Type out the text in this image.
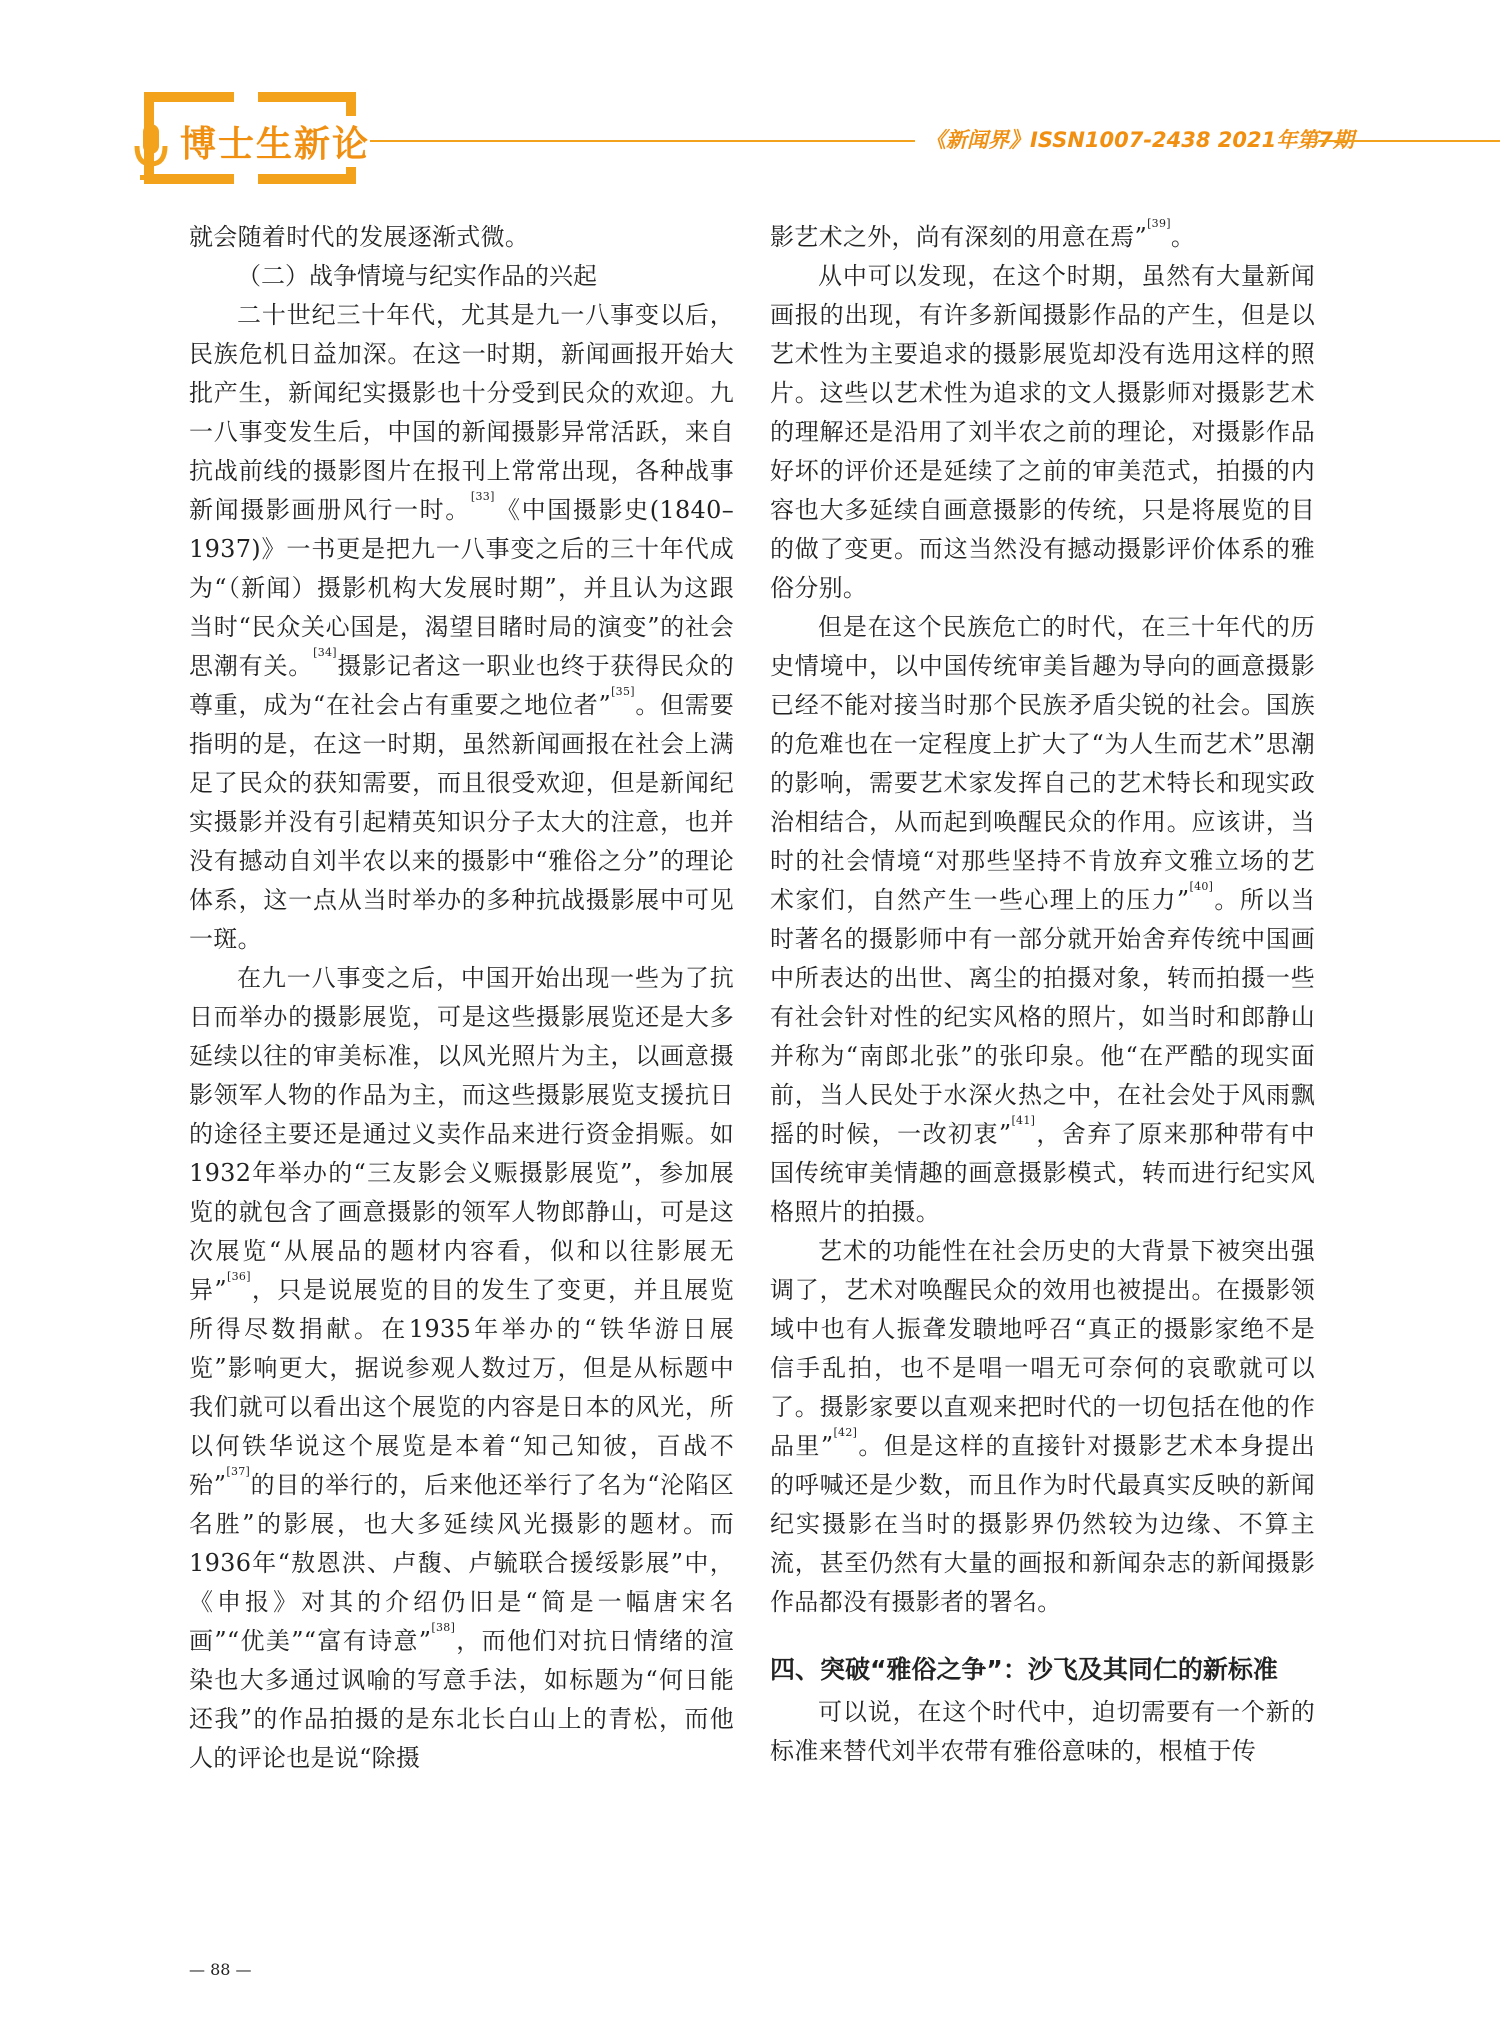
博士生新论	《新闻界》ISSN1007-2438 2021年第7期

就会随着时代的发展逐渐式微。

（二）战争情境与纪实作品的兴起

二十世纪三十年代，尤其是九一八事变以后，民族危机日益加深。在这一时期，新闻画报开始大批产生，新闻纪实摄影也十分受到民众的欢迎。九一八事变发生后，中国的新闻摄影异常活跃，来自抗战前线的摄影图片在报刊上常常出现，各种战事新闻摄影画册风行一时。[33]《中国摄影史(1840–1937)》一书更是把九一八事变之后的三十年代成为“（新闻）摄影机构大发展时期”，并且认为这跟当时“民众关心国是，渴望目睹时局的演变”的社会思潮有关。[34]摄影记者这一职业也终于获得民众的尊重，成为“在社会占有重要之地位者”[35]。但需要指明的是，在这一时期，虽然新闻画报在社会上满足了民众的获知需要，而且很受欢迎，但是新闻纪实摄影并没有引起精英知识分子太大的注意，也并没有撼动自刘半农以来的摄影中“雅俗之分”的理论体系，这一点从当时举办的多种抗战摄影展中可见一斑。

在九一八事变之后，中国开始出现一些为了抗日而举办的摄影展览，可是这些摄影展览还是大多延续以往的审美标准，以风光照片为主，以画意摄影领军人物的作品为主，而这些摄影展览支援抗日的途径主要还是通过义卖作品来进行资金捐赈。如1932年举办的“三友影会义赈摄影展览”，参加展览的就包含了画意摄影的领军人物郎静山，可是这次展览“从展品的题材内容看，似和以往影展无异”[36]，只是说展览的目的发生了变更，并且展览所得尽数捐献。在1935年举办的“铁华游日展览”影响更大，据说参观人数过万，但是从标题中我们就可以看出这个展览的内容是日本的风光，所以何铁华说这个展览是本着“知己知彼，百战不殆”[37]的目的举行的，后来他还举行了名为“沦陷区名胜”的影展，也大多延续风光摄影的题材。而1936年“敖恩洪、卢馥、卢毓联合援绥影展”中，《申报》对其的介绍仍旧是“简是一幅唐宋名画”“优美”“富有诗意”[38]，而他们对抗日情绪的渲染也大多通过讽喻的写意手法，如标题为“何日能还我”的作品拍摄的是东北长白山上的青松，而他人的评论也是说“除摄

影艺术之外，尚有深刻的用意在焉”[39]。

从中可以发现，在这个时期，虽然有大量新闻画报的出现，有许多新闻摄影作品的产生，但是以艺术性为主要追求的摄影展览却没有选用这样的照片。这些以艺术性为追求的文人摄影师对摄影艺术的理解还是沿用了刘半农之前的理论，对摄影作品好坏的评价还是延续了之前的审美范式，拍摄的内容也大多延续自画意摄影的传统，只是将展览的目的做了变更。而这当然没有撼动摄影评价体系的雅俗分别。

但是在这个民族危亡的时代，在三十年代的历史情境中，以中国传统审美旨趣为导向的画意摄影已经不能对接当时那个民族矛盾尖锐的社会。国族的危难也在一定程度上扩大了“为人生而艺术”思潮的影响，需要艺术家发挥自己的艺术特长和现实政治相结合，从而起到唤醒民众的作用。应该讲，当时的社会情境“对那些坚持不肯放弃文雅立场的艺术家们，自然产生一些心理上的压力”[40]。所以当时著名的摄影师中有一部分就开始舍弃传统中国画中所表达的出世、离尘的拍摄对象，转而拍摄一些有社会针对性的纪实风格的照片，如当时和郎静山并称为“南郎北张”的张印泉。他“在严酷的现实面前，当人民处于水深火热之中，在社会处于风雨飘摇的时候，一改初衷”[41]，舍弃了原来那种带有中国传统审美情趣的画意摄影模式，转而进行纪实风格照片的拍摄。

艺术的功能性在社会历史的大背景下被突出强调了，艺术对唤醒民众的效用也被提出。在摄影领域中也有人振聋发聩地呼召“真正的摄影家绝不是信手乱拍，也不是唱一唱无可奈何的哀歌就可以了。摄影家要以直观来把时代的一切包括在他的作品里”[42]。但是这样的直接针对摄影艺术本身提出的呼喊还是少数，而且作为时代最真实反映的新闻纪实摄影在当时的摄影界仍然较为边缘、不算主流，甚至仍然有大量的画报和新闻杂志的新闻摄影作品都没有摄影者的署名。

四、突破“雅俗之争”：沙飞及其同仁的新标准

可以说，在这个时代中，迫切需要有一个新的标准来替代刘半农带有雅俗意味的，根植于传

— 88 —
